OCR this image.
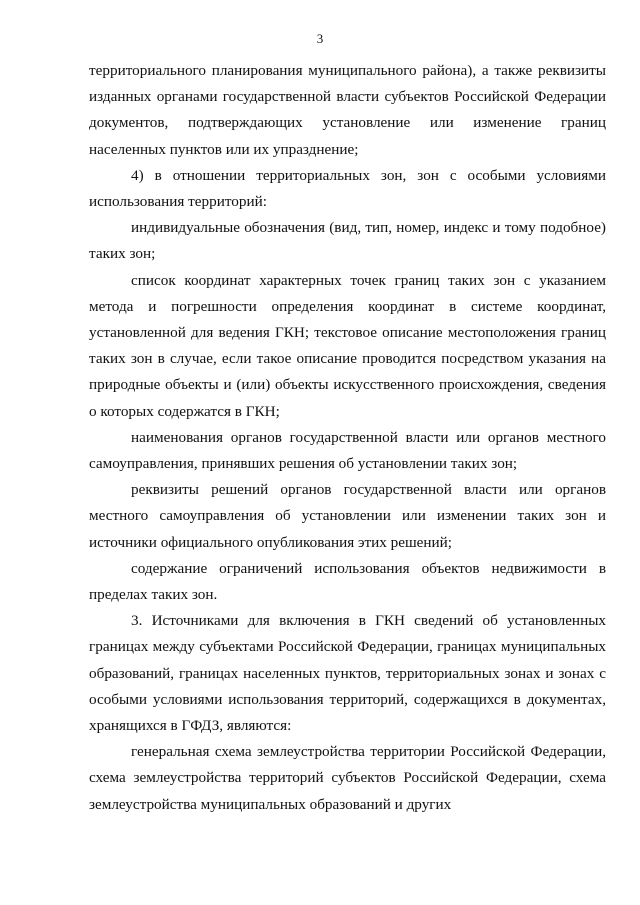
3

территориального планирования муниципального района), а также реквизиты изданных органами государственной власти субъектов Российской Федерации документов, подтверждающих установление или изменение границ населенных пунктов или их упразднение;

4) в отношении территориальных зон, зон с особыми условиями использования территорий:

индивидуальные обозначения (вид, тип, номер, индекс и тому подобное) таких зон;

список координат характерных точек границ таких зон с указанием метода и погрешности определения координат в системе координат, установленной для ведения ГКН; текстовое описание местоположения границ таких зон в случае, если такое описание проводится посредством указания на природные объекты и (или) объекты искусственного происхождения, сведения о которых содержатся в ГКН;

наименования органов государственной власти или органов местного самоуправления, принявших решения об установлении таких зон;

реквизиты решений органов государственной власти или органов местного самоуправления об установлении или изменении таких зон и источники официального опубликования этих решений;

содержание ограничений использования объектов недвижимости в пределах таких зон.

3. Источниками для включения в ГКН сведений об установленных границах между субъектами Российской Федерации, границах муниципальных образований, границах населенных пунктов, территориальных зонах и зонах с особыми условиями использования территорий, содержащихся в документах, хранящихся в ГФДЗ, являются:

генеральная схема землеустройства территории Российской Федерации, схема землеустройства территорий субъектов Российской Федерации, схема землеустройства муниципальных образований и других
